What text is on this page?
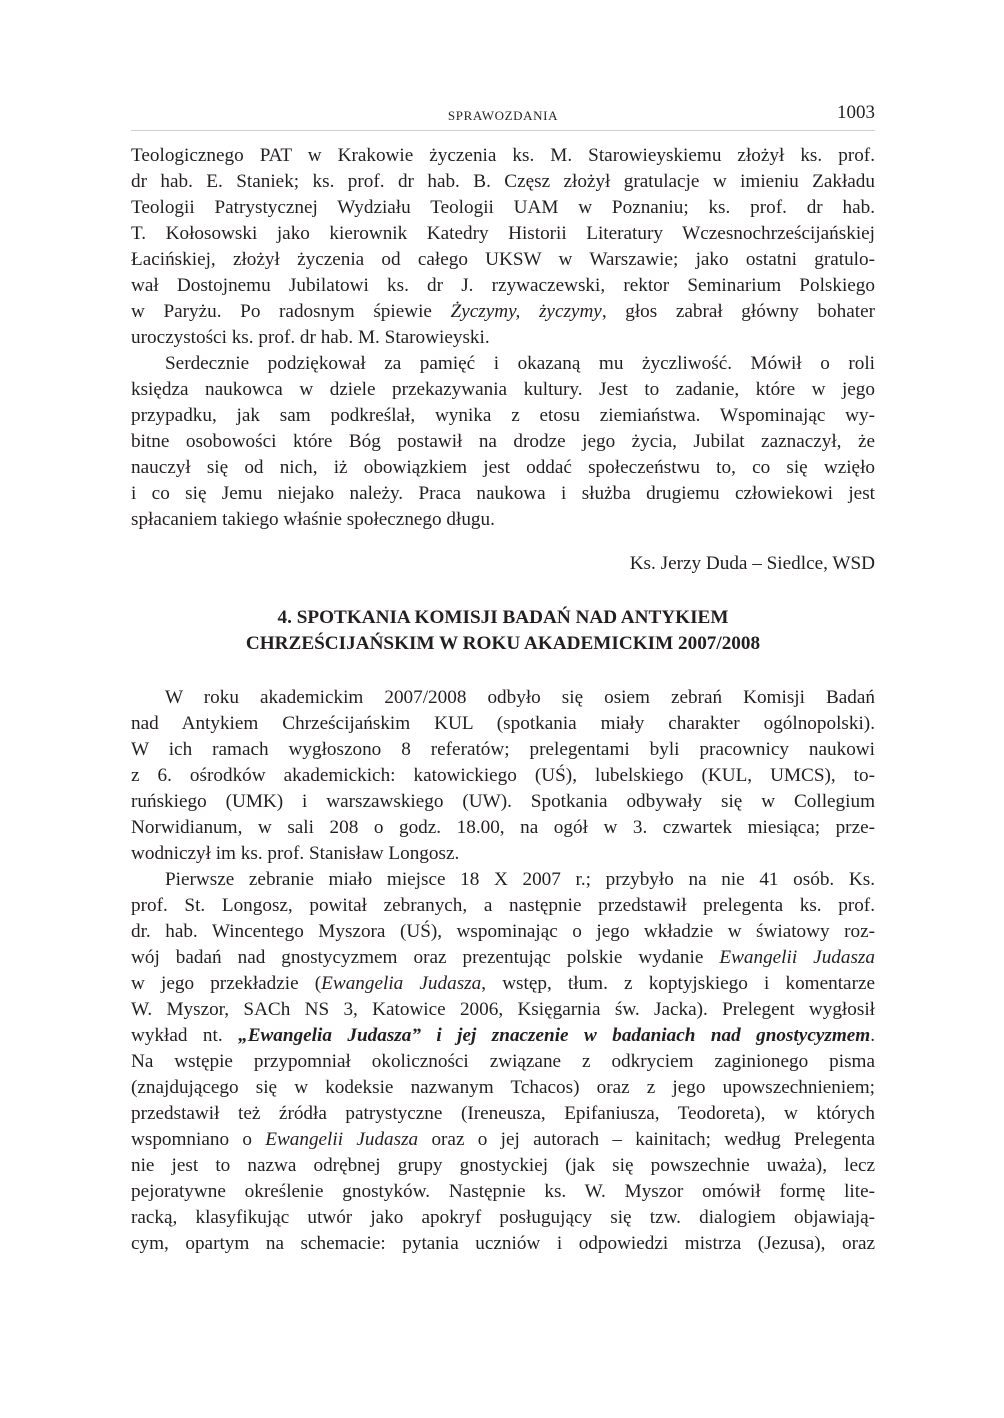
SPRAWOZDANIA	1003
Teologicznego PAT w Krakowie życzenia ks. M. Starowieyskiemu złożył ks. prof.
dr hab. E. Staniek; ks. prof. dr hab. B. Częsz złożył gratulacje w imieniu Zakładu
Teologii Patrystycznej Wydziału Teologii UAM w Poznaniu; ks. prof. dr hab.
T. Kołosowski jako kierownik Katedry Historii Literatury Wczesnochrześcijańskiej
Łacińskiej, złożył życzenia od całego UKSW w Warszawie; jako ostatni gratulo-
wał Dostojnemu Jubilatowi ks. dr J. rzywaczewski, rektor Seminarium Polskiego
w Paryżu. Po radosnym śpiewie Życzymy, życzymy, głos zabrał główny bohater
uroczystości ks. prof. dr hab. M. Starowieyski.
Serdecznie podziękował za pamięć i okazaną mu życzliwość. Mówił o roli
księdza naukowca w dziele przekazywania kultury. Jest to zadanie, które w jego
przypadku, jak sam podkreślał, wynika z etosu ziemiaństwa. Wspominając wy-
bitne osobowości które Bóg postawił na drodze jego życia, Jubilat zaznaczył, że
nauczył się od nich, iż obowiązkiem jest oddać społeczeństwu to, co się wzięło
i co się Jemu niejako należy. Praca naukowa i służba drugiemu człowiekowi jest
spłacaniem takiego właśnie społecznego długu.
Ks. Jerzy Duda – Siedlce, WSD
4. SPOTKANIA KOMISJI BADAŃ NAD ANTYKIEM
CHRZEŚCIJAŃSKIM W ROKU AKADEMICKIM 2007/2008
W roku akademickim 2007/2008 odbyło się osiem zebrań Komisji Badań
nad Antykiem Chrześcijańskim KUL (spotkania miały charakter ogólnopolski).
W ich ramach wygłoszono 8 referatów; prelegentami byli pracownicy naukowi
z 6. ośrodków akademickich: katowickiego (UŚ), lubelskiego (KUL, UMCS), to-
ruńskiego (UMK) i warszawskiego (UW). Spotkania odbywały się w Collegium
Norwidianum, w sali 208 o godz. 18.00, na ogół w 3. czwartek miesiąca; prze-
wodniczył im ks. prof. Stanisław Longosz.
Pierwsze zebranie miało miejsce 18 X 2007 r.; przybyło na nie 41 osób. Ks.
prof. St. Longosz, powitał zebranych, a następnie przedstawił prelegenta ks. prof.
dr. hab. Wincentego Myszora (UŚ), wspominając o jego wkładzie w światowy roz-
wój badań nad gnostycyzmem oraz prezentując polskie wydanie Ewangelii Judasza
w jego przekładzie (Ewangelia Judasza, wstęp, tłum. z koptyjskiego i komentarze
W. Myszor, SACh NS 3, Katowice 2006, Księgarnia św. Jacka). Prelegent wygłosił
wykład nt. „Ewangelia Judasza” i jej znaczenie w badaniach nad gnostycyzmem.
Na wstępie przypomniał okoliczności związane z odkryciem zaginionego pisma
(znajdującego się w kodeksie nazwanym Tchacos) oraz z jego upowszechnieniem;
przedstawił też źródła patrystyczne (Ireneusza, Epifaniusza, Teodoreta), w których
wspomniano o Ewangelii Judasza oraz o jej autorach – kainitach; według Prelegenta
nie jest to nazwa odrębnej grupy gnostyckiej (jak się powszechnie uważa), lecz
pejoratywne określenie gnostyków. Następnie ks. W. Myszor omówił formę lite-
racką, klasyfikując utwór jako apokryf posługujący się tzw. dialogiem objawiają-
cym, opartym na schemacie: pytania uczniów i odpowiedzi mistrza (Jezusa), oraz
